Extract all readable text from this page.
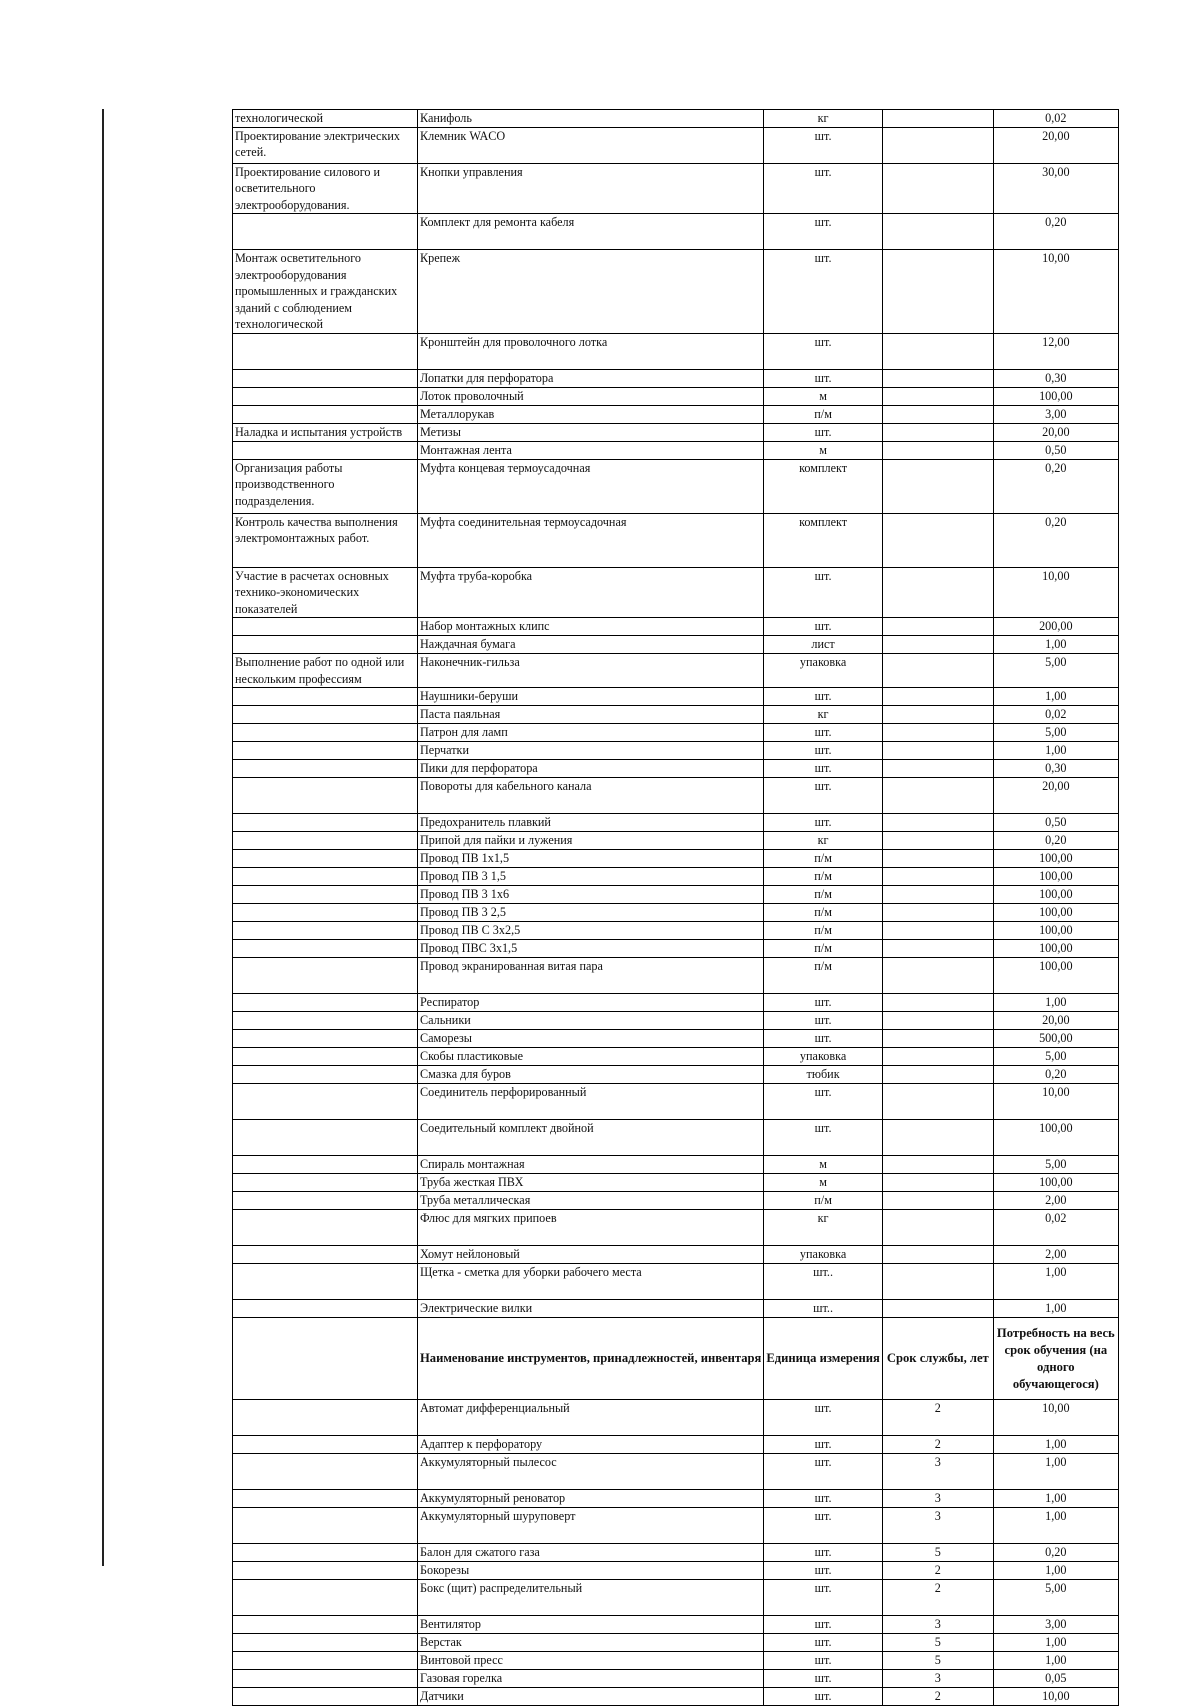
технологической	Канифоль	кг		0,02
Проектирование электрических сетей.	Клемник WACO	шт.		20,00
Проектирование силового и осветительного электрооборудования.	Кнопки управления	шт.		30,00
	Комплект для ремонта кабеля	шт.		0,20
Монтаж осветительного электрооборудования промышленных и гражданских зданий с соблюдением технологической	Крепеж	шт.		10,00
	Кронштейн для проволочного лотка	шт.		12,00
	Лопатки для перфоратора	шт.		0,30
	Лоток проволочный	м		100,00
	Металлорукав	п/м		3,00
Наладка и испытания устройств	Метизы	шт.		20,00
	Монтажная лента	м		0,50
Организация работы производственного подразделения.	Муфта концевая термоусадочная	комплект		0,20
Контроль качества выполнения электромонтажных работ.	Муфта соединительная термоусадочная	комплект		0,20
Участие в расчетах основных технико-экономических показателей	Муфта труба-коробка	шт.		10,00
	Набор монтажных клипс	шт.		200,00
	Наждачная бумага	лист		1,00
Выполнение работ по одной или нескольким профессиям	Наконечник-гильза	упаковка		5,00
	Наушники-беруши	шт.		1,00
	Паста паяльная	кг		0,02
	Патрон для ламп	шт.		5,00
	Перчатки	шт.		1,00
	Пики для перфоратора	шт.		0,30
	Повороты для кабельного канала	шт.		20,00
	Предохранитель плавкий	шт.		0,50
	Припой для пайки и лужения	кг		0,20
	Провод ПВ 1х1,5	п/м		100,00
	Провод ПВ 3 1,5	п/м		100,00
	Провод ПВ 3 1х6	п/м		100,00
	Провод ПВ 3 2,5	п/м		100,00
	Провод ПВ С 3х2,5	п/м		100,00
	Провод ПВС 3х1,5	п/м		100,00
	Провод экранированная витая пара	п/м		100,00
	Респиратор	шт.		1,00
	Сальники	шт.		20,00
	Саморезы	шт.		500,00
	Скобы пластиковые	упаковка		5,00
	Смазка для буров	тюбик		0,20
	Соединитель перфорированный	шт.		10,00
	Соедительный комплект двойной	шт.		100,00
	Спираль монтажная	м		5,00
	Труба жесткая ПВХ	м		100,00
	Труба металлическая	п/м		2,00
	Флюс для мягких припоев	кг		0,02
	Хомут нейлоновый	упаковка		2,00
	Щетка - сметка для уборки рабочего места	шт..		1,00
	Электрические вилки	шт..		1,00
	Наименование инструментов, принадлежностей, инвентаря	Единица измерения	Срок службы, лет	Потребность на весь срок обучения (на одного обучающегося)
	Автомат дифференциальный	шт.	2	10,00
	Адаптер к перфоратору	шт.	2	1,00
	Аккумуляторный пылесос	шт.	3	1,00
	Аккумуляторный реноватор	шт.	3	1,00
	Аккумуляторный шуруповерт	шт.	3	1,00
	Балон для сжатого газа	шт.	5	0,20
	Бокорезы	шт.	2	1,00
	Бокс (щит) распределительный	шт.	2	5,00
	Вентилятор	шт.	3	3,00
	Верстак	шт.	5	1,00
	Винтовой пресс	шт.	5	1,00
	Газовая горелка	шт.	3	0,05
	Датчики	шт.	2	10,00
